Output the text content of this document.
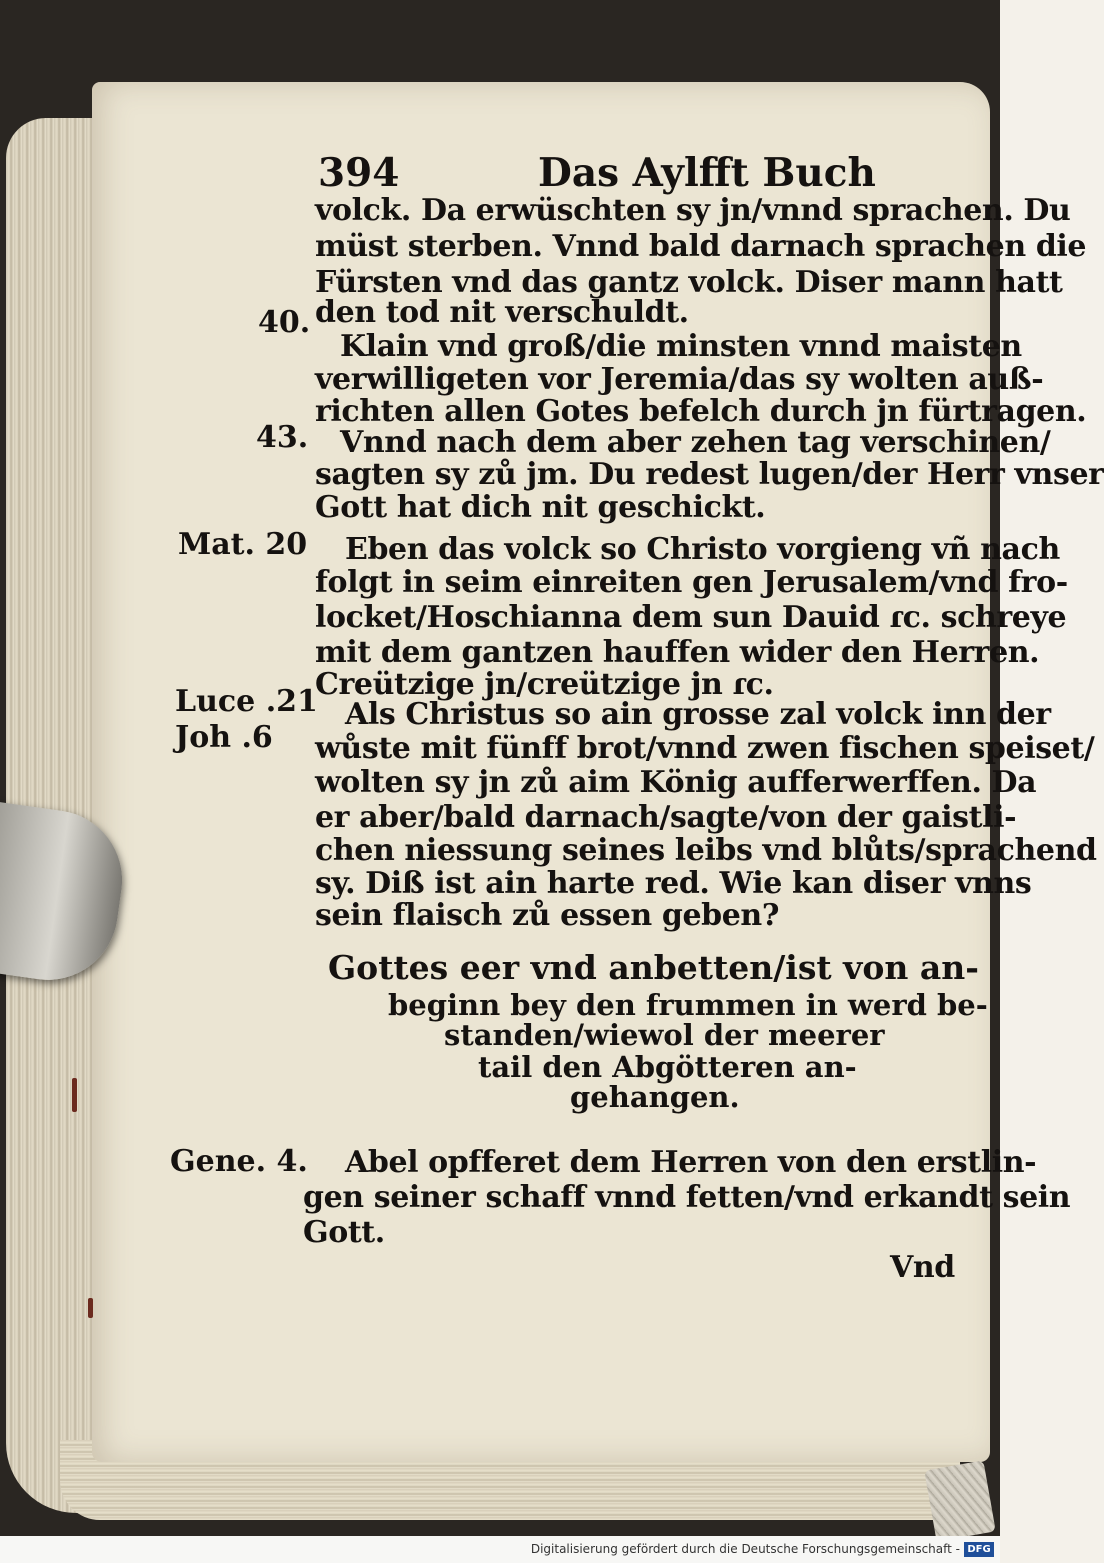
394	Das Aylfft Buch
40.
43.
Mat. 20
Luce .21
Joh .6
Gene. 4.
volck. Da erwüschten sy jn/vnnd sprachen. Du
müst sterben. Vnnd bald darnach sprachen die
Fürsten vnd das gantz volck. Diser mann hatt
den tod nit verschuldt.
Klain vnd groß/die minsten vnnd maisten
verwilligeten vor Jeremia/das sy wolten auß-
richten allen Gotes befelch durch jn fürtragen.
Vnnd nach dem aber zehen tag verschinen/
sagten sy zů jm. Du redest lugen/der Herr vnser
Gott hat dich nit geschickt.
Eben das volck so Christo vorgieng vñ nach
folgt in seim einreiten gen Jerusalem/vnd fro-
locket/Hoschianna dem sun Dauid ɾc. schreye
mit dem gantzen hauffen wider den Herren.
Creützige jn/creützige jn ɾc.
Als Christus so ain grosse zal volck inn der
wůste mit fünff brot/vnnd zwen fischen speiset/
wolten sy jn zů aim König aufferwerffen. Da
er aber/bald darnach/sagte/von der gaistli-
chen niessung seines leibs vnd blůts/sprachend
sy. Diß ist ain harte red. Wie kan diser vnns
sein flaisch zů essen geben?
Gottes eer vnd anbetten/ist von an-
beginn bey den frummen in werd be-
standen/wiewol der meerer
tail den Abgötteren an-
gehangen.
Abel opfferet dem Herren von den erstlin-
gen seiner schaff vnnd fetten/vnd erkandt sein
Gott.
Vnd
Digitalisierung gefördert durch die Deutsche Forschungsgemeinschaft - DFG
